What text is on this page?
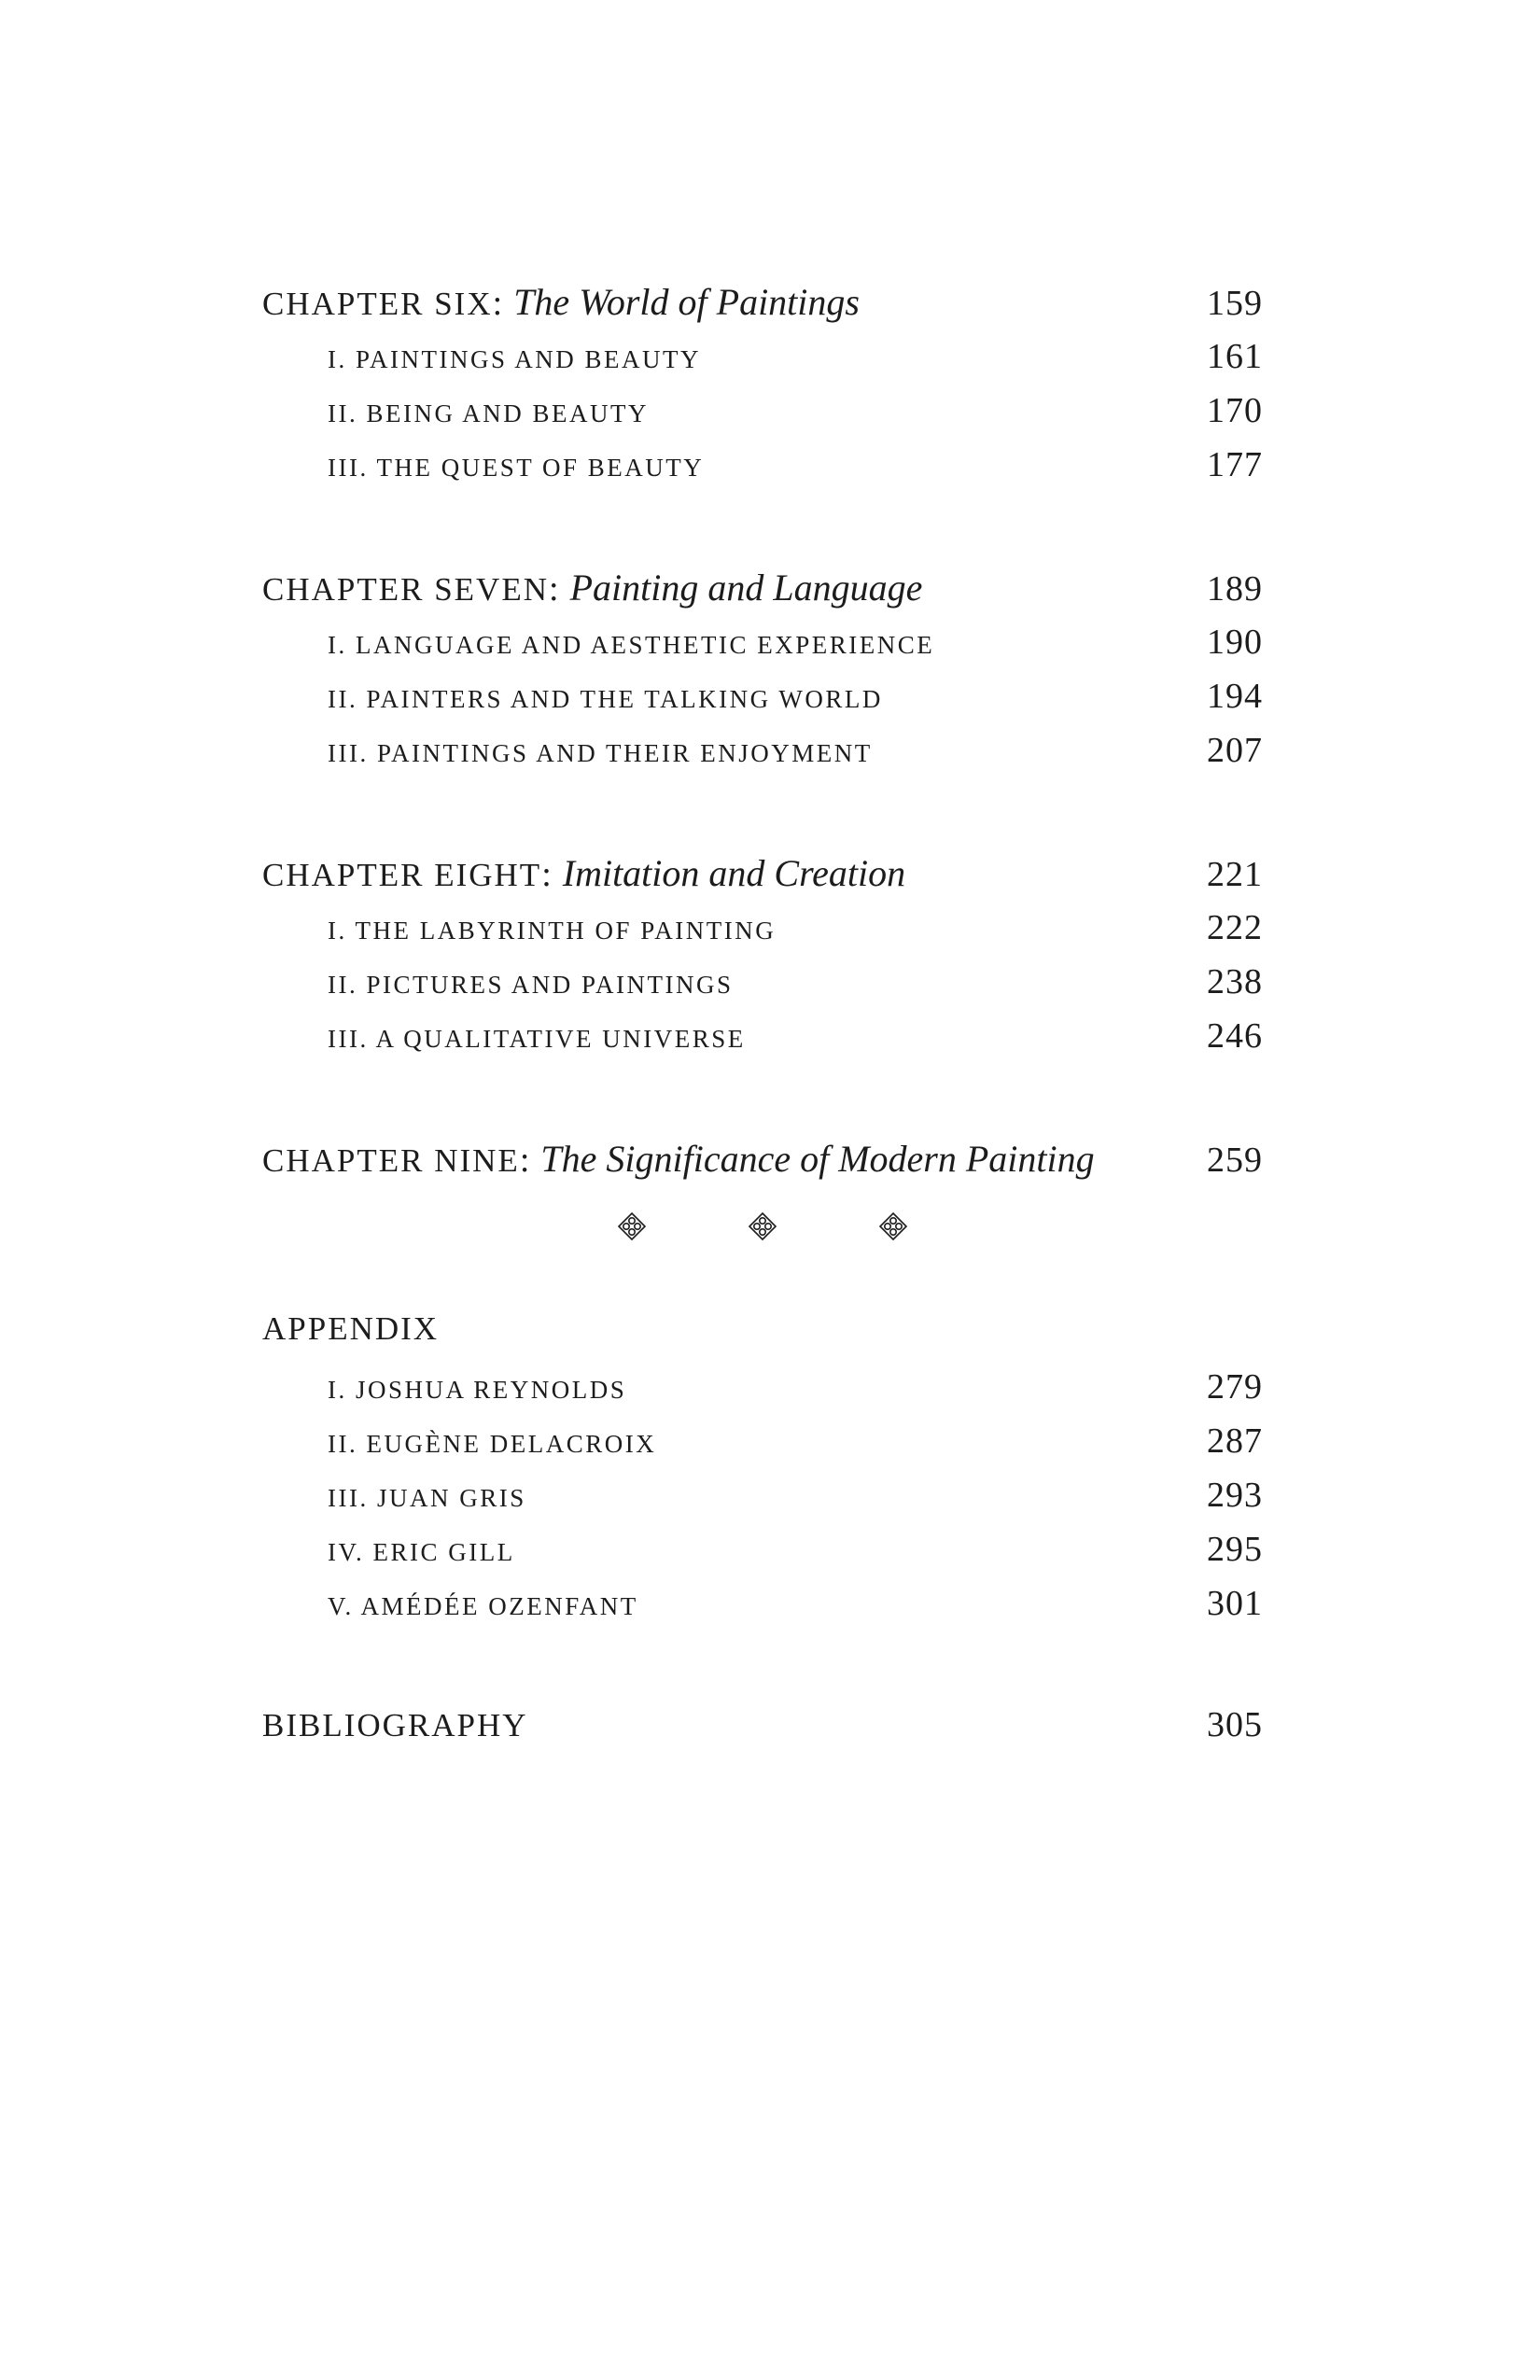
CHAPTER SIX: The World of Paintings	159
I. PAINTINGS AND BEAUTY	161
II. BEING AND BEAUTY	170
III. THE QUEST OF BEAUTY	177
CHAPTER SEVEN: Painting and Language	189
I. LANGUAGE AND AESTHETIC EXPERIENCE	190
II. PAINTERS AND THE TALKING WORLD	194
III. PAINTINGS AND THEIR ENJOYMENT	207
CHAPTER EIGHT: Imitation and Creation	221
I. THE LABYRINTH OF PAINTING	222
II. PICTURES AND PAINTINGS	238
III. A QUALITATIVE UNIVERSE	246
CHAPTER NINE: The Significance of Modern Painting	259
APPENDIX
I. JOSHUA REYNOLDS	279
II. EUGÈNE DELACROIX	287
III. JUAN GRIS	293
IV. ERIC GILL	295
V. AMÉDÉE OZENFANT	301
BIBLIOGRAPHY	305
